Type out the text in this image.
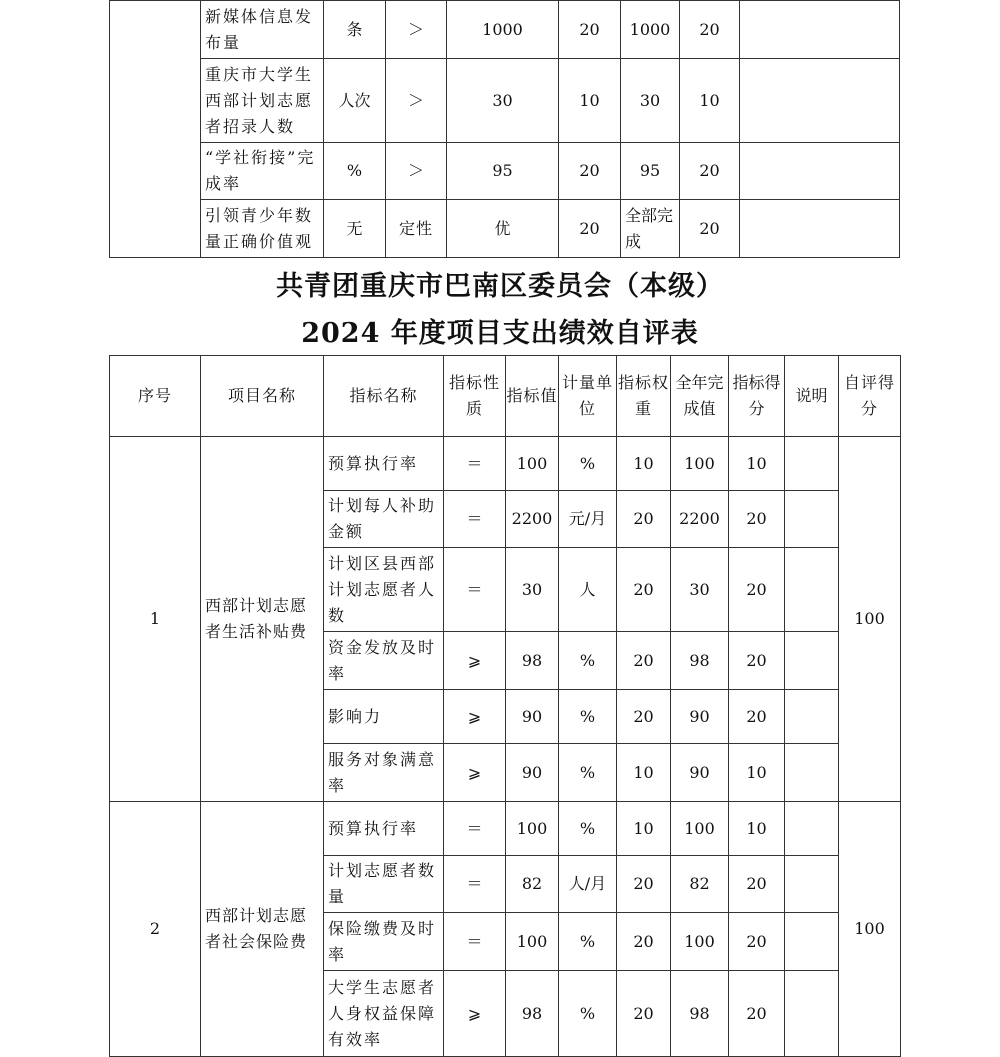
	新媒体信息发布量	条	＞	1000	20	1000	20	
	重庆市大学生西部计划志愿者招录人数	人次	＞	30	10	30	10	
	“学社衔接”完成率	%	＞	95	20	95	20	
	引领青少年数量正确价值观	无	定性	优	20	全部完成	20	
共青团重庆市巴南区委员会（本级）
2024 年度项目支出绩效自评表
序号	项目名称	指标名称	指标性质	指标值	计量单位	指标权重	全年完成值	指标得分	说明	自评得分
1	西部计划志愿者生活补贴费	预算执行率	＝	100	%	10	100	10		100
		计划每人补助金额	＝	2200	元/月	20	2200	20		
		计划区县西部计划志愿者人数	＝	30	人	20	30	20		
		资金发放及时率	⩾	98	%	20	98	20		
		影响力	⩾	90	%	20	90	20		
		服务对象满意率	⩾	90	%	10	90	10		
2	西部计划志愿者社会保险费	预算执行率	＝	100	%	10	100	10		100
		计划志愿者数量	＝	82	人/月	20	82	20		
		保险缴费及时率	＝	100	%	20	100	20		
		大学生志愿者人身权益保障有效率	⩾	98	%	20	98	20		
